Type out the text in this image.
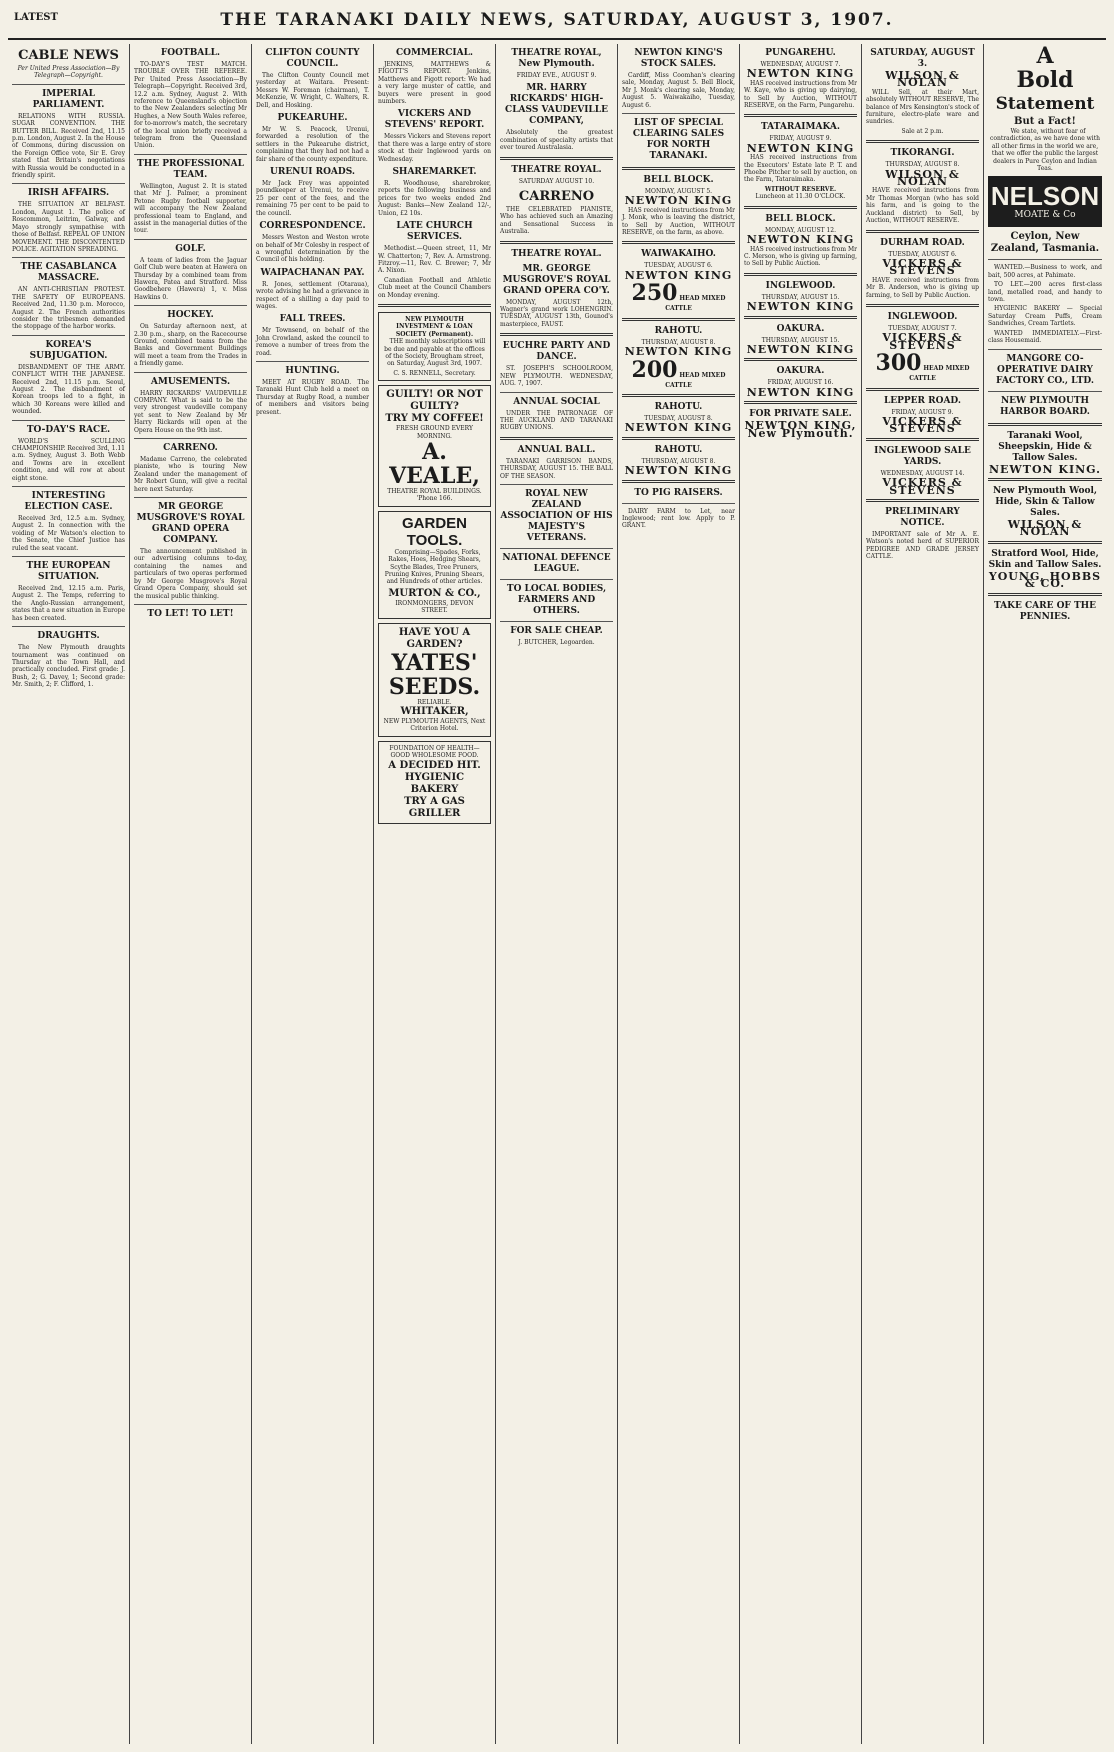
LATEST	THE TARANAKI DAILY NEWS, SATURDAY, AUGUST 3, 1907.
CABLE NEWS
Per United Press Association—By Telegraph—Copyright.
IMPERIAL PARLIAMENT.

RELATIONS WITH RUSSIA. SUGAR CONVENTION. THE BUTTER BILL. Received 2nd, 11.15 p.m. London, August 2. In the House of Commons, during discussion on the Foreign Office vote, Sir E. Grey stated that Britain's negotiations with Russia would be conducted in a friendly spirit.

IRISH AFFAIRS.

THE SITUATION AT BELFAST. London, August 1. The police of Roscommon, Leitrim, Galway, and Mayo strongly sympathise with those of Belfast. REPEAL OF UNION MOVEMENT. THE DISCONTENTED POLICE. AGITATION SPREADING.

THE CASABLANCA MASSACRE.

AN ANTI-CHRISTIAN PROTEST. THE SAFETY OF EUROPEANS. Received 2nd, 11.30 p.m. Morocco, August 2. The French authorities consider the tribesmen demanded the stoppage of the harbor works.

KOREA'S SUBJUGATION.

DISBANDMENT OF THE ARMY. CONFLICT WITH THE JAPANESE. Received 2nd, 11.15 p.m. Seoul, August 2. The disbandment of Korean troops led to a fight, in which 30 Koreans were killed and wounded.

TO-DAY'S RACE.

WORLD'S SCULLING CHAMPIONSHIP. Received 3rd, 1.11 a.m. Sydney, August 3. Both Webb and Towns are in excellent condition, and will row at about eight stone.

INTERESTING ELECTION CASE.

Received 3rd, 12.5 a.m. Sydney, August 2. In connection with the voiding of Mr Watson's election to the Senate, the Chief Justice has ruled the seat vacant.

THE EUROPEAN SITUATION.

Received 2nd, 12.15 a.m. Paris, August 2. The Temps, referring to the Anglo-Russian arrangement, states that a new situation in Europe has been created.

DRAUGHTS.

The New Plymouth draughts tournament was continued on Thursday at the Town Hall, and practically concluded. First grade: J. Bush, 2; G. Davey, 1; Second grade: Mr. Smith, 2; F. Clifford, 1.

FOOTBALL.

TO-DAY'S TEST MATCH. TROUBLE OVER THE REFEREE. Per United Press Association—By Telegraph—Copyright. Received 3rd, 12.2 a.m. Sydney, August 2. With reference to Queensland's objection to the New Zealanders selecting Mr Hughes, a New South Wales referee, for to-morrow's match, the secretary of the local union briefly received a telegram from the Queensland Union.

THE PROFESSIONAL TEAM.

Wellington, August 2. It is stated that Mr J. Palmer, a prominent Petone Rugby football supporter, will accompany the New Zealand professional team to England, and assist in the managerial duties of the tour.

GOLF.

A team of ladies from the Jaguar Golf Club were beaten at Hawera on Thursday by a combined team from Hawera, Patea and Stratford. Miss Goodbehere (Hawera) 1, v. Miss Hawkins 0.

HOCKEY.

On Saturday afternoon next, at 2.30 p.m., sharp, on the Racecourse Ground, combined teams from the Banks and Government Buildings will meet a team from the Trades in a friendly game.

AMUSEMENTS.

HARRY RICKARDS' VAUDEVILLE COMPANY. What is said to be the very strongest vaudeville company yet sent to New Zealand by Mr Harry Rickards will open at the Opera House on the 9th inst.

CARRENO.

Madame Carreno, the celebrated pianiste, who is touring New Zealand under the management of Mr Robert Gunn, will give a recital here next Saturday.

MR GEORGE MUSGROVE'S ROYAL GRAND OPERA COMPANY.

The announcement published in our advertising columns to-day, containing the names and particulars of two operas performed by Mr George Musgrove's Royal Grand Opera Company, should set the musical public thinking.

TO LET! TO LET!
CLIFTON COUNTY COUNCIL.

The Clifton County Council met yesterday at Waitara. Present: Messrs W. Foreman (chairman), T. McKenzie, W. Wright, C. Walters, R. Dell, and Hosking.

PUKEARUHE.

Mr W. S. Peacock, Urenui, forwarded a resolution of the settlers in the Pukearuhe district, complaining that they had not had a fair share of the county expenditure.

URENUI ROADS.

Mr Jack Frey was appointed poundkeeper at Urenui, to receive 25 per cent of the fees, and the remaining 75 per cent to be paid to the council.

CORRESPONDENCE.

Messrs Weston and Weston wrote on behalf of Mr Colesby in respect of a wrongful determination by the Council of his holding.

WAIPACHANAN PAY.

R. Jones, settlement (Otaraua), wrote advising he had a grievance in respect of a shilling a day paid to wages.

FALL TREES.

Mr Townsend, on behalf of the John Crowland, asked the council to remove a number of trees from the road.

HUNTING.

MEET AT RUGBY ROAD. The Taranaki Hunt Club held a meet on Thursday at Rugby Road, a number of members and visitors being present.

COMMERCIAL.

JENKINS, MATTHEWS & FIGOTT'S REPORT. Jenkins, Matthews and Figott report: We had a very large muster of cattle, and buyers were present in good numbers.

VICKERS AND STEVENS' REPORT.

Messrs Vickers and Stevens report that there was a large entry of store stock at their Inglewood yards on Wednesday.

SHAREMARKET.

R. Woodhouse, sharebroker, reports the following business and prices for two weeks ended 2nd August: Banks—New Zealand 12/-, Union, £2 10s.

LATE CHURCH SERVICES.

Methodist.—Queen street, 11, Mr W. Chatterton; 7, Rev. A. Armstrong. Fitzroy.—11, Rev. C. Brewer; 7, Mr A. Nixon.

Canadian Football and Athletic Club meet at the Council Chambers on Monday evening.

NEW PLYMOUTH INVESTMENT & LOAN SOCIETY (Permanent).

THE monthly subscriptions will be due and payable at the offices of the Society, Brougham street, on Saturday, August 3rd, 1907.

C. S. RENNELL, Secretary.
GUILTY! OR NOT GUILTY?
TRY MY COFFEE!
FRESH GROUND EVERY MORNING.
A. VEALE,
THEATRE ROYAL BUILDINGS. 'Phone 166.
GARDEN TOOLS.

Comprising—Spades, Forks, Rakes, Hoes, Hedging Shears, Scythe Blades, Tree Pruners, Pruning Knives, Pruning Shears, and Hundreds of other articles.

MURTON & CO.,
IRONMONGERS, DEVON STREET.
HAVE YOU A GARDEN?
YATES' SEEDS.
RELIABLE.
WHITAKER,
NEW PLYMOUTH AGENTS, Next Criterion Hotel.
FOUNDATION OF HEALTH—GOOD WHOLESOME FOOD.
A DECIDED HIT.
HYGIENIC BAKERY
TRY A GAS GRILLER
THEATRE ROYAL, New Plymouth.
FRIDAY EVE., AUGUST 9.
MR. HARRY RICKARDS' HIGH-CLASS VAUDEVILLE COMPANY,

Absolutely the greatest combination of specialty artists that ever toured Australasia.

THEATRE ROYAL.
SATURDAY AUGUST 10.
CARRENO

THE CELEBRATED PIANISTE, Who has achieved such an Amazing and Sensational Success in Australia.

THEATRE ROYAL.
MR. GEORGE MUSGROVE'S ROYAL GRAND OPERA CO'Y.

MONDAY, AUGUST 12th, Wagner's grand work LOHENGRIN. TUESDAY, AUGUST 13th, Gounod's masterpiece, FAUST.

EUCHRE PARTY AND DANCE.

ST. JOSEPH'S SCHOOLROOM, NEW PLYMOUTH. WEDNESDAY, AUG. 7, 1907.

ANNUAL SOCIAL

UNDER THE PATRONAGE OF THE AUCKLAND AND TARANAKI RUGBY UNIONS.

ANNUAL BALL.

TARANAKI GARRISON BANDS, THURSDAY, AUGUST 15. THE BALL OF THE SEASON.

ROYAL NEW ZEALAND ASSOCIATION OF HIS MAJESTY'S VETERANS.
NATIONAL DEFENCE LEAGUE.
TO LOCAL BODIES, FARMERS AND OTHERS.
FOR SALE CHEAP.
J. BUTCHER, Legoarden.
NEWTON KING'S STOCK SALES.

Cardiff, Miss Coomhan's clearing sale, Monday, August 5. Bell Block, Mr J. Monk's clearing sale, Monday, August 5. Waiwakaiho, Tuesday, August 6.

LIST OF SPECIAL CLEARING SALES FOR NORTH TARANAKI.
BELL BLOCK.
MONDAY, AUGUST 5.
NEWTON KING

HAS received instructions from Mr J. Monk, who is leaving the district, to Sell by Auction, WITHOUT RESERVE, on the farm, as above.

WAIWAKAIHO.
TUESDAY, AUGUST 6.
NEWTON KING
250 HEAD MIXED CATTLE
RAHOTU.
THURSDAY, AUGUST 8.
NEWTON KING
200 HEAD MIXED CATTLE
RAHOTU.
TUESDAY, AUGUST 8.
NEWTON KING
RAHOTU.
THURSDAY, AUGUST 8.
NEWTON KING
TO PIG RAISERS.

DAIRY FARM to Let, near Inglewood; rent low. Apply to P. GRANT.

PUNGAREHU.
WEDNESDAY, AUGUST 7.
NEWTON KING

HAS received instructions from Mr W. Kaye, who is giving up dairying, to Sell by Auction, WITHOUT RESERVE, on the Farm, Pungarehu.

TATARAIMAKA.
FRIDAY, AUGUST 9.
NEWTON KING

HAS received instructions from the Executors' Estate late P. T. and Phoebe Pitcher to sell by auction, on the Farm, Tataraimaka.

WITHOUT RESERVE.
Luncheon at 11.30 O'CLOCK.
BELL BLOCK.
MONDAY, AUGUST 12.
NEWTON KING

HAS received instructions from Mr C. Merson, who is giving up farming, to Sell by Public Auction.

INGLEWOOD.
THURSDAY, AUGUST 15.
NEWTON KING
OAKURA.
THURSDAY, AUGUST 15.
NEWTON KING
OAKURA.
FRIDAY, AUGUST 16.
NEWTON KING
FOR PRIVATE SALE.
NEWTON KING, New Plymouth.
SATURDAY, AUGUST 3.
WILSON & NOLAN

WILL Sell, at their Mart, absolutely WITHOUT RESERVE, The balance of Mrs Kensington's stock of furniture, electro-plate ware and sundries.

Sale at 2 p.m.
TIKORANGI.
THURSDAY, AUGUST 8.
WILSON & NOLAN

HAVE received instructions from Mr Thomas Morgan (who has sold his farm, and is going to the Auckland district) to Sell, by Auction, WITHOUT RESERVE.

DURHAM ROAD.
TUESDAY, AUGUST 6.
VICKERS & STEVENS

HAVE received instructions from Mr B. Anderson, who is giving up farming, to Sell by Public Auction.

INGLEWOOD.
TUESDAY, AUGUST 7.
VICKERS & STEVENS
300 HEAD MIXED CATTLE
LEPPER ROAD.
FRIDAY, AUGUST 9.
VICKERS & STEVENS
INGLEWOOD SALE YARDS.
WEDNESDAY, AUGUST 14.
VICKERS & STEVENS
PRELIMINARY NOTICE.

IMPORTANT sale of Mr A. E. Watson's noted herd of SUPERIOR PEDIGREE AND GRADE JERSEY CATTLE.

A
Bold
Statement
But a Fact!

We state, without fear of contradiction, as we have done with all other firms in the world we are, that we offer the public the largest dealers in Pure Ceylon and Indian Teas.

NELSON
MOATE & Co
Ceylon, New Zealand, Tasmania.

WANTED.—Business to work, and bait, 500 acres, at Pahimate.

TO LET.—200 acres first-class land, metalled road, and handy to town.

HYGIENIC BAKERY — Special Saturday Cream Puffs, Cream Sandwiches, Cream Tartlets.

WANTED IMMEDIATELY.—First-class Housemaid.

MANGORE CO-OPERATIVE DAIRY FACTORY CO., LTD.
NEW PLYMOUTH HARBOR BOARD.
Taranaki Wool, Sheepskin, Hide & Tallow Sales.
NEWTON KING.
New Plymouth Wool, Hide, Skin & Tallow Sales.
WILSON & NOLAN
Stratford Wool, Hide, Skin and Tallow Sales.
YOUNG, HOBBS & CO.
TAKE CARE OF THE PENNIES.
